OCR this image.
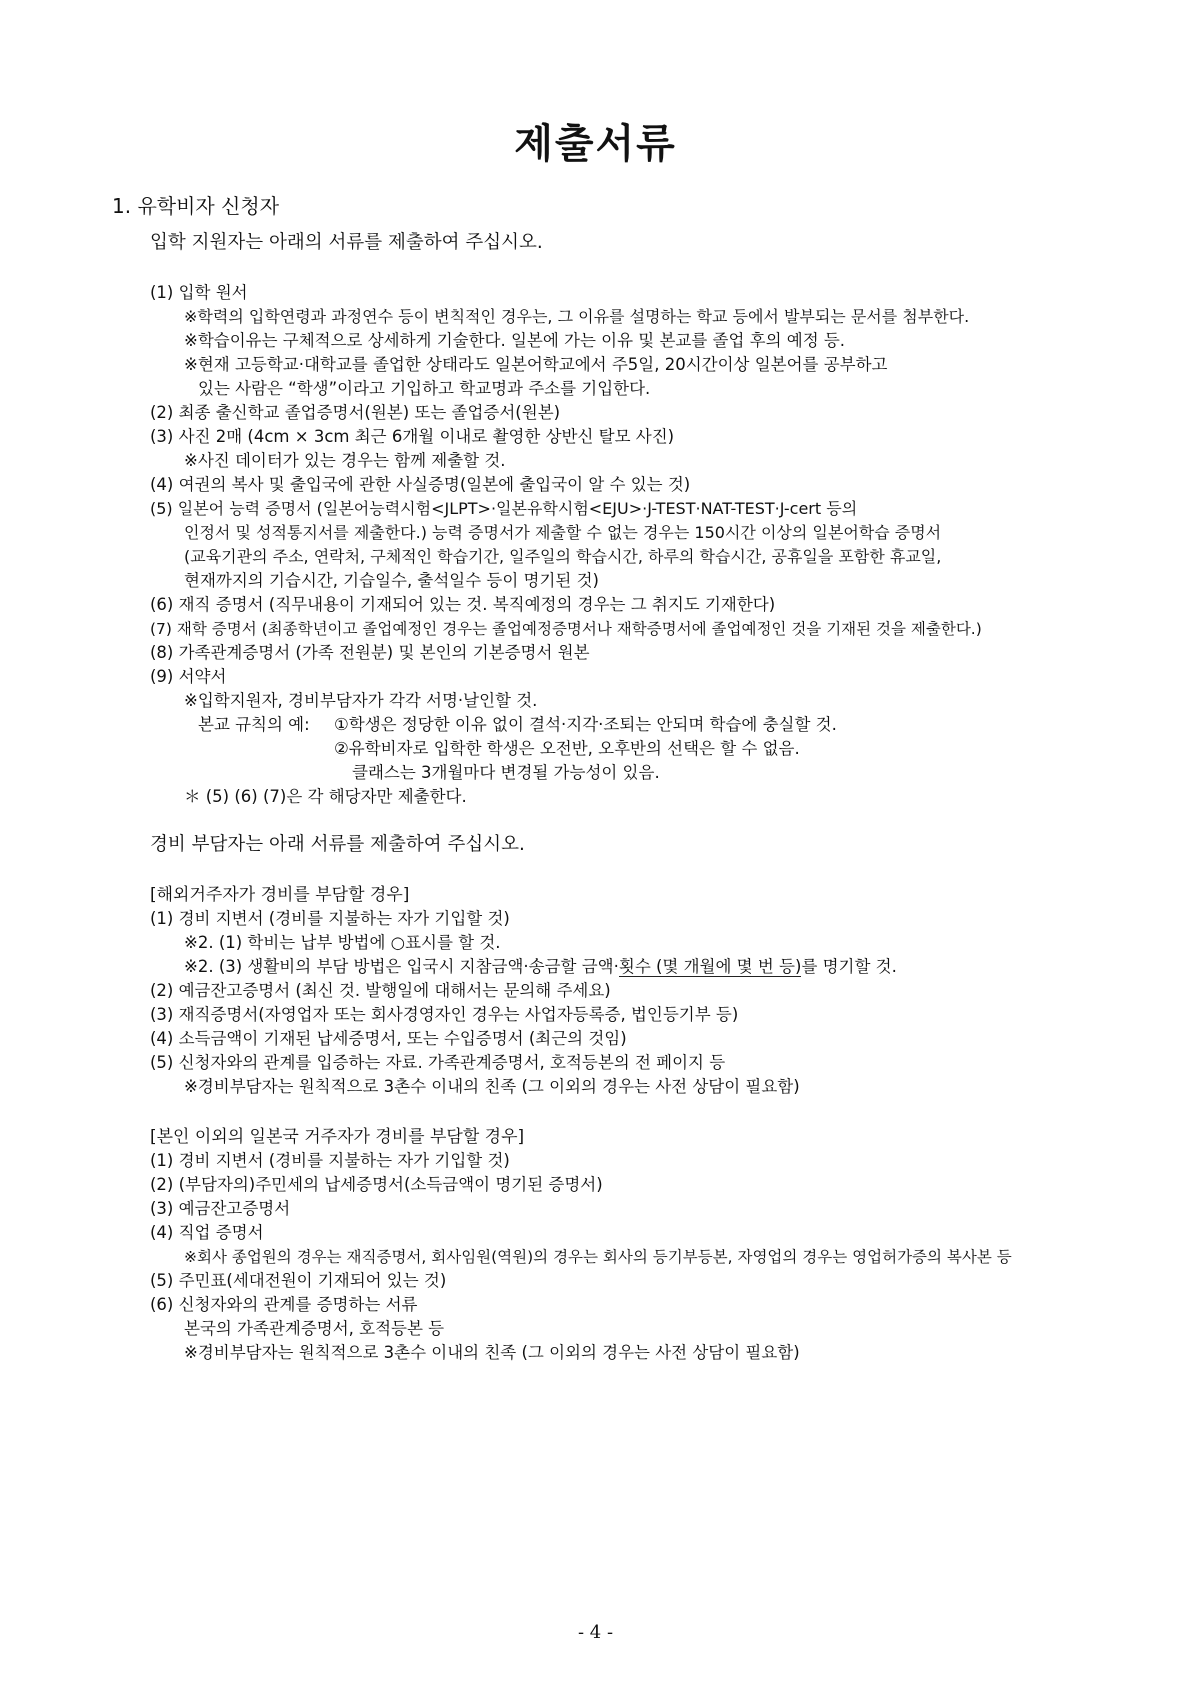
제출서류
1. 유학비자 신청자
입학 지원자는 아래의 서류를 제출하여 주십시오.
(1) 입학 원서
※학력의 입학연령과 과정연수 등이 변칙적인 경우는, 그 이유를 설명하는 학교 등에서 발부되는 문서를 첨부한다.
※학습이유는 구체적으로 상세하게 기술한다. 일본에 가는 이유 및 본교를 졸업 후의 예정 등.
※현재 고등학교·대학교를 졸업한 상태라도 일본어학교에서 주5일, 20시간이상 일본어를 공부하고
있는 사람은 “학생”이라고 기입하고 학교명과 주소를 기입한다.
(2) 최종 출신학교 졸업증명서(원본) 또는 졸업증서(원본)
(3) 사진 2매 (4cm × 3cm 최근 6개월 이내로 촬영한 상반신 탈모 사진)
※사진 데이터가 있는 경우는 함께 제출할 것.
(4) 여권의 복사 및 출입국에 관한 사실증명(일본에 출입국이 알 수 있는 것)
(5) 일본어 능력 증명서 (일본어능력시험<JLPT>·일본유학시험<EJU>·J-TEST·NAT-TEST·J-cert 등의
인정서 및 성적통지서를 제출한다.) 능력 증명서가 제출할 수 없는 경우는 150시간 이상의 일본어학습 증명서
(교육기관의 주소, 연락처, 구체적인 학습기간, 일주일의 학습시간, 하루의 학습시간, 공휴일을 포함한 휴교일,
현재까지의 기습시간, 기습일수, 출석일수 등이 명기된 것)
(6) 재직 증명서 (직무내용이 기재되어 있는 것. 복직예정의 경우는 그 취지도 기재한다)
(7) 재학 증명서 (최종학년이고 졸업예정인 경우는 졸업예정증명서나 재학증명서에 졸업예정인 것을 기재된 것을 제출한다.)
(8) 가족관계증명서 (가족 전원분) 및 본인의 기본증명서 원본
(9) 서약서
※입학지원자, 경비부담자가 각각 서명·날인할 것.
본교 규칙의 예: ①학생은 정당한 이유 없이 결석·지각·조퇴는 안되며 학습에 충실할 것.
②유학비자로 입학한 학생은 오전반, 오후반의 선택은 할 수 없음.
클래스는 3개월마다 변경될 가능성이 있음.
＊ (5) (6) (7)은 각 해당자만 제출한다.
경비 부담자는 아래 서류를 제출하여 주십시오.
[해외거주자가 경비를 부담할 경우]
(1) 경비 지변서 (경비를 지불하는 자가 기입할 것)
※2. (1) 학비는 납부 방법에 ○표시를 할 것.
※2. (3) 생활비의 부담 방법은 입국시 지참금액·송금할 금액·횟수 (몇 개월에 몇 번 등)를 명기할 것.
(2) 예금잔고증명서 (최신 것. 발행일에 대해서는 문의해 주세요)
(3) 재직증명서(자영업자 또는 회사경영자인 경우는 사업자등록증, 법인등기부 등)
(4) 소득금액이 기재된 납세증명서, 또는 수입증명서 (최근의 것임)
(5) 신청자와의 관계를 입증하는 자료. 가족관계증명서, 호적등본의 전 페이지 등
※경비부담자는 원칙적으로 3촌수 이내의 친족 (그 이외의 경우는 사전 상담이 필요함)
[본인 이외의 일본국 거주자가 경비를 부담할 경우]
(1) 경비 지변서 (경비를 지불하는 자가 기입할 것)
(2) (부담자의)주민세의 납세증명서(소득금액이 명기된 증명서)
(3) 예금잔고증명서
(4) 직업 증명서
※회사 종업원의 경우는 재직증명서, 회사임원(역원)의 경우는 회사의 등기부등본, 자영업의 경우는 영업허가증의 복사본 등
(5) 주민표(세대전원이 기재되어 있는 것)
(6) 신청자와의 관계를 증명하는 서류
본국의 가족관계증명서, 호적등본 등
※경비부담자는 원칙적으로 3촌수 이내의 친족 (그 이외의 경우는 사전 상담이 필요함)
- 4 -
